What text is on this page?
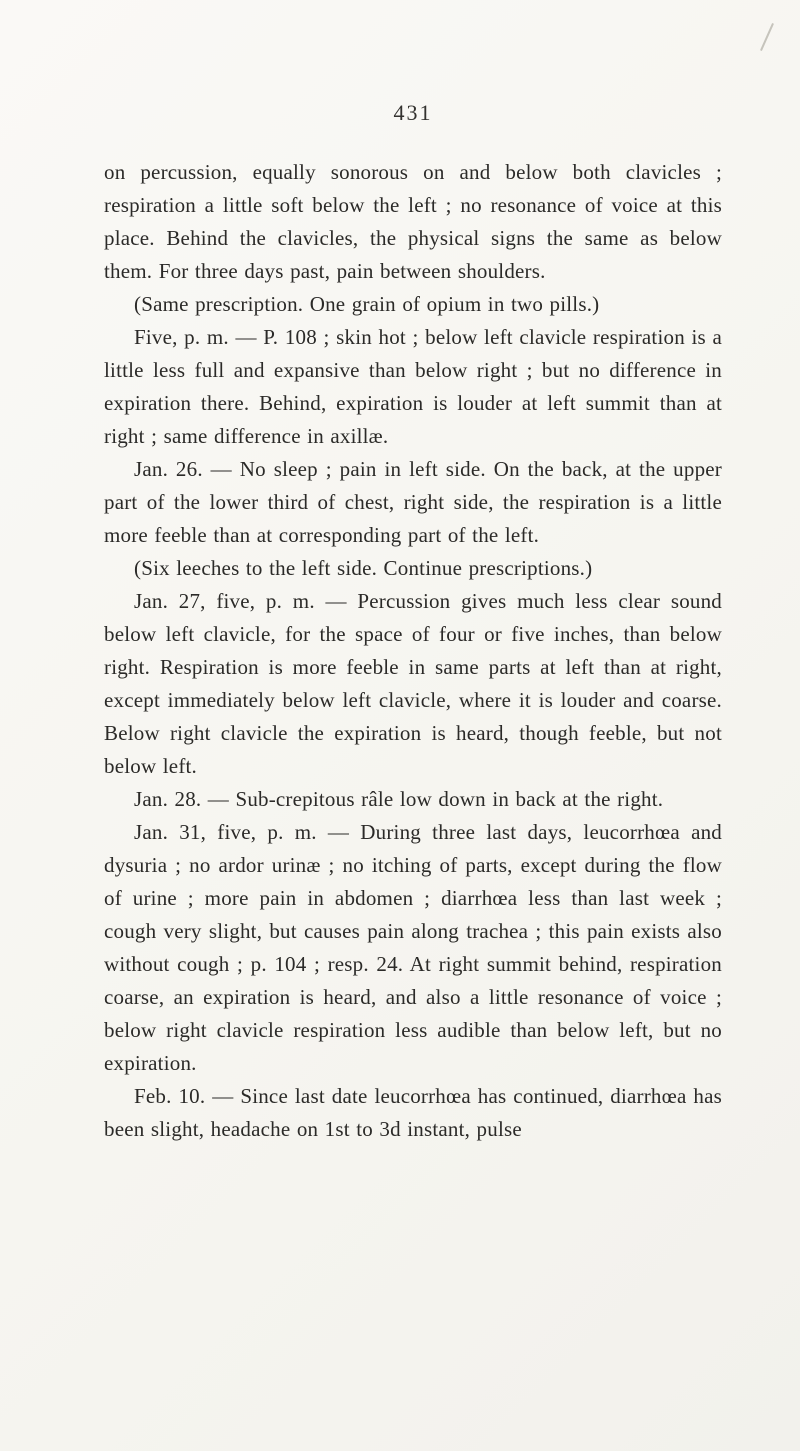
431

on percussion, equally sonorous on and below both clavicles ; respiration a little soft below the left ; no resonance of voice at this place. Behind the clavicles, the physical signs the same as below them. For three days past, pain between shoulders.

(Same prescription. One grain of opium in two pills.)

Five, p. m. — P. 108 ; skin hot ; below left clavicle respiration is a little less full and expansive than below right ; but no difference in expiration there. Behind, expiration is louder at left summit than at right ; same difference in axillæ.

Jan. 26. — No sleep ; pain in left side. On the back, at the upper part of the lower third of chest, right side, the respiration is a little more feeble than at corresponding part of the left.

(Six leeches to the left side. Continue prescriptions.)

Jan. 27, five, p. m. — Percussion gives much less clear sound below left clavicle, for the space of four or five inches, than below right. Respiration is more feeble in same parts at left than at right, except immediately below left clavicle, where it is louder and coarse. Below right clavicle the expiration is heard, though feeble, but not below left.

Jan. 28. — Sub-crepitous râle low down in back at the right.

Jan. 31, five, p. m. — During three last days, leucorrhœa and dysuria ; no ardor urinæ ; no itching of parts, except during the flow of urine ; more pain in abdomen ; diarrhœa less than last week ; cough very slight, but causes pain along trachea ; this pain exists also without cough ; p. 104 ; resp. 24. At right summit behind, respiration coarse, an expiration is heard, and also a little resonance of voice ; below right clavicle respiration less audible than below left, but no expiration.

Feb. 10. — Since last date leucorrhœa has continued, diarrhœa has been slight, headache on 1st to 3d instant, pulse
